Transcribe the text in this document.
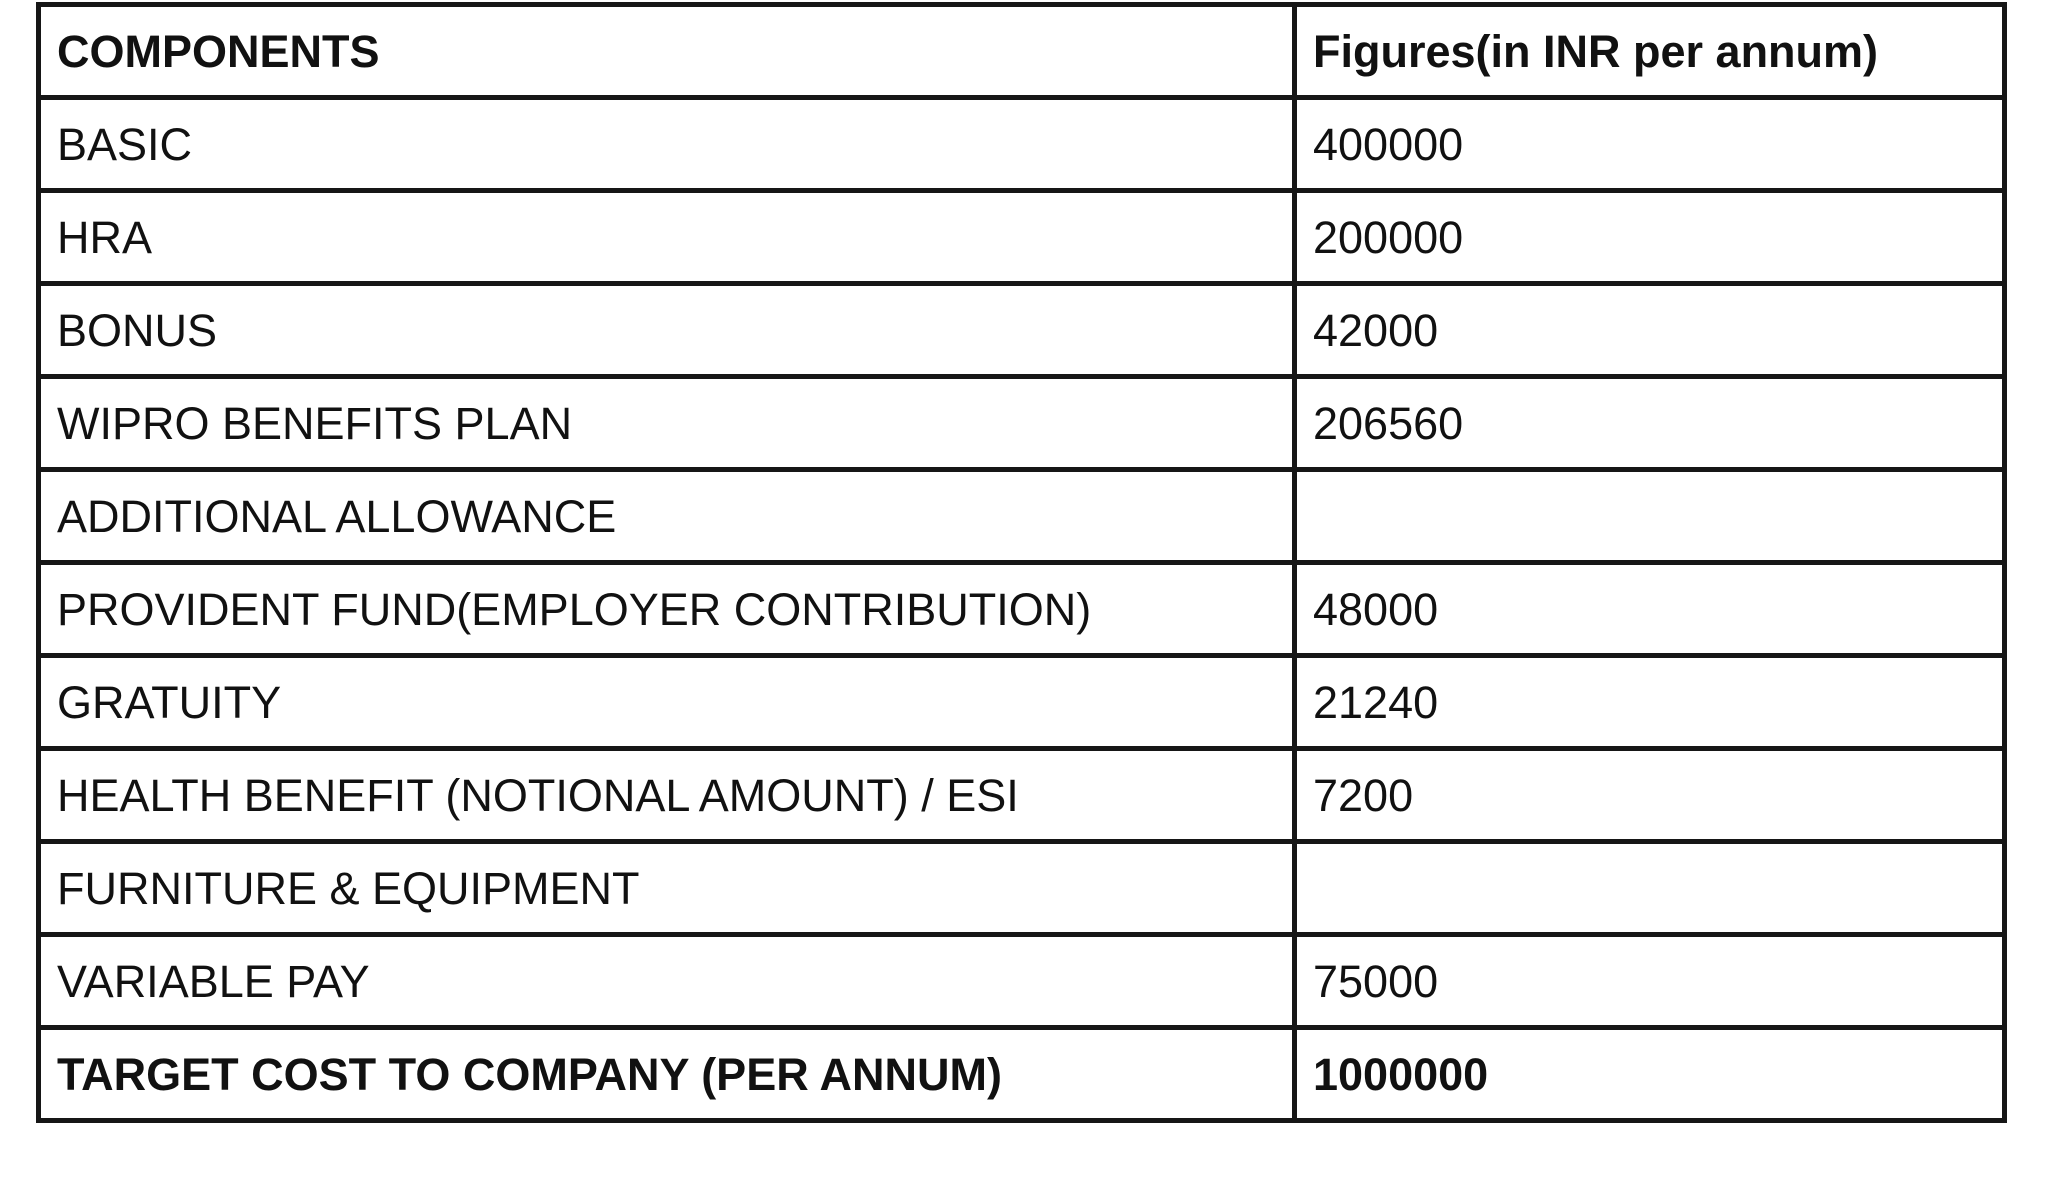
COMPONENTS	Figures(in INR per annum)
BASIC	400000
HRA	200000
BONUS	42000
WIPRO BENEFITS PLAN	206560
ADDITIONAL ALLOWANCE	
PROVIDENT FUND(EMPLOYER CONTRIBUTION)	48000
GRATUITY	21240
HEALTH BENEFIT (NOTIONAL AMOUNT) / ESI	7200
FURNITURE & EQUIPMENT	
VARIABLE PAY	75000
TARGET COST TO COMPANY (PER ANNUM)	1000000
